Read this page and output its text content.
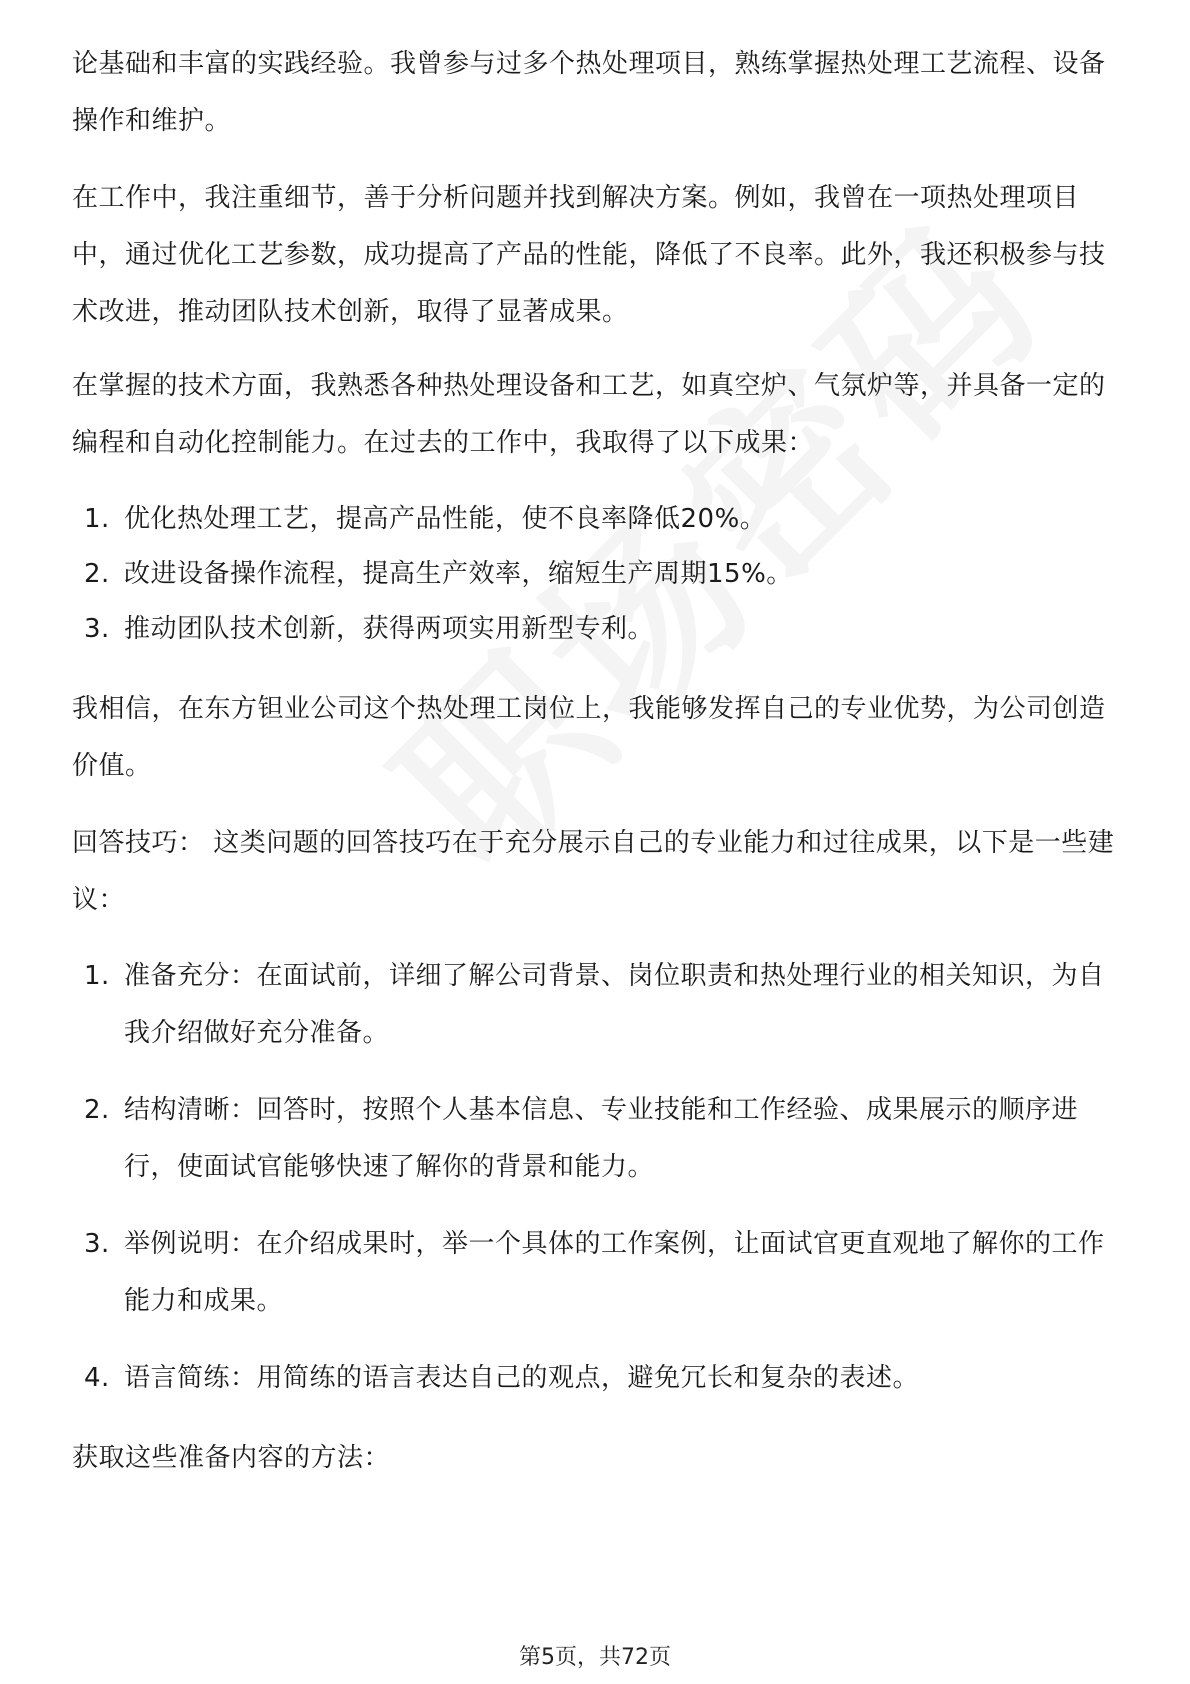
论基础和丰富的实践经验。我曾参与过多个热处理项目，熟练掌握热处理工艺流程、设备操作和维护。

在工作中，我注重细节，善于分析问题并找到解决方案。例如，我曾在一项热处理项目中，通过优化工艺参数，成功提高了产品的性能，降低了不良率。此外，我还积极参与技术改进，推动团队技术创新，取得了显著成果。

在掌握的技术方面，我熟悉各种热处理设备和工艺，如真空炉、气氛炉等，并具备一定的编程和自动化控制能力。在过去的工作中，我取得了以下成果：

1. 优化热处理工艺，提高产品性能，使不良率降低20%。
2. 改进设备操作流程，提高生产效率，缩短生产周期15%。
3. 推动团队技术创新，获得两项实用新型专利。

我相信，在东方钽业公司这个热处理工岗位上，我能够发挥自己的专业优势，为公司创造价值。

回答技巧： 这类问题的回答技巧在于充分展示自己的专业能力和过往成果，以下是一些建议：

1. 准备充分：在面试前，详细了解公司背景、岗位职责和热处理行业的相关知识，为自我介绍做好充分准备。
2. 结构清晰：回答时，按照个人基本信息、专业技能和工作经验、成果展示的顺序进行，使面试官能够快速了解你的背景和能力。
3. 举例说明：在介绍成果时，举一个具体的工作案例，让面试官更直观地了解你的工作能力和成果。
4. 语言简练：用简练的语言表达自己的观点，避免冗长和复杂的表述。

获取这些准备内容的方法：

第5页，共72页
